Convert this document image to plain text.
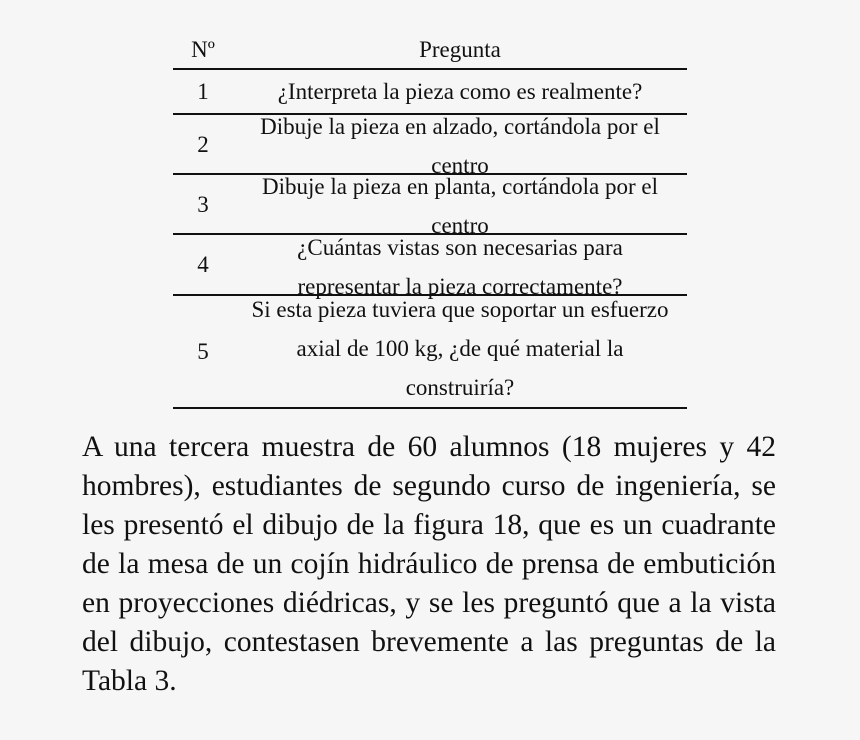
Nº	Pregunta
1	¿Interpreta la pieza como es realmente?

2	Dibuje la pieza en alzado, cortándola por el centro

3	Dibuje la pieza en planta, cortándola por el centro

4	¿Cuántas vistas son necesarias para representar la pieza correctamente?

5	Si esta pieza tuviera que soportar un esfuerzo axial de 100 kg, ¿de qué material la construiría?

A una tercera muestra de 60 alumnos (18 mujeres y 42 hombres), estudiantes de segundo curso de ingeniería, se les presentó el dibujo de la figura 18, que es un cuadrante de la mesa de un cojín hidráulico de prensa de embutición en proyecciones diédricas, y se les preguntó que a la vista del dibujo, contestasen brevemente a las preguntas de la Tabla 3.
